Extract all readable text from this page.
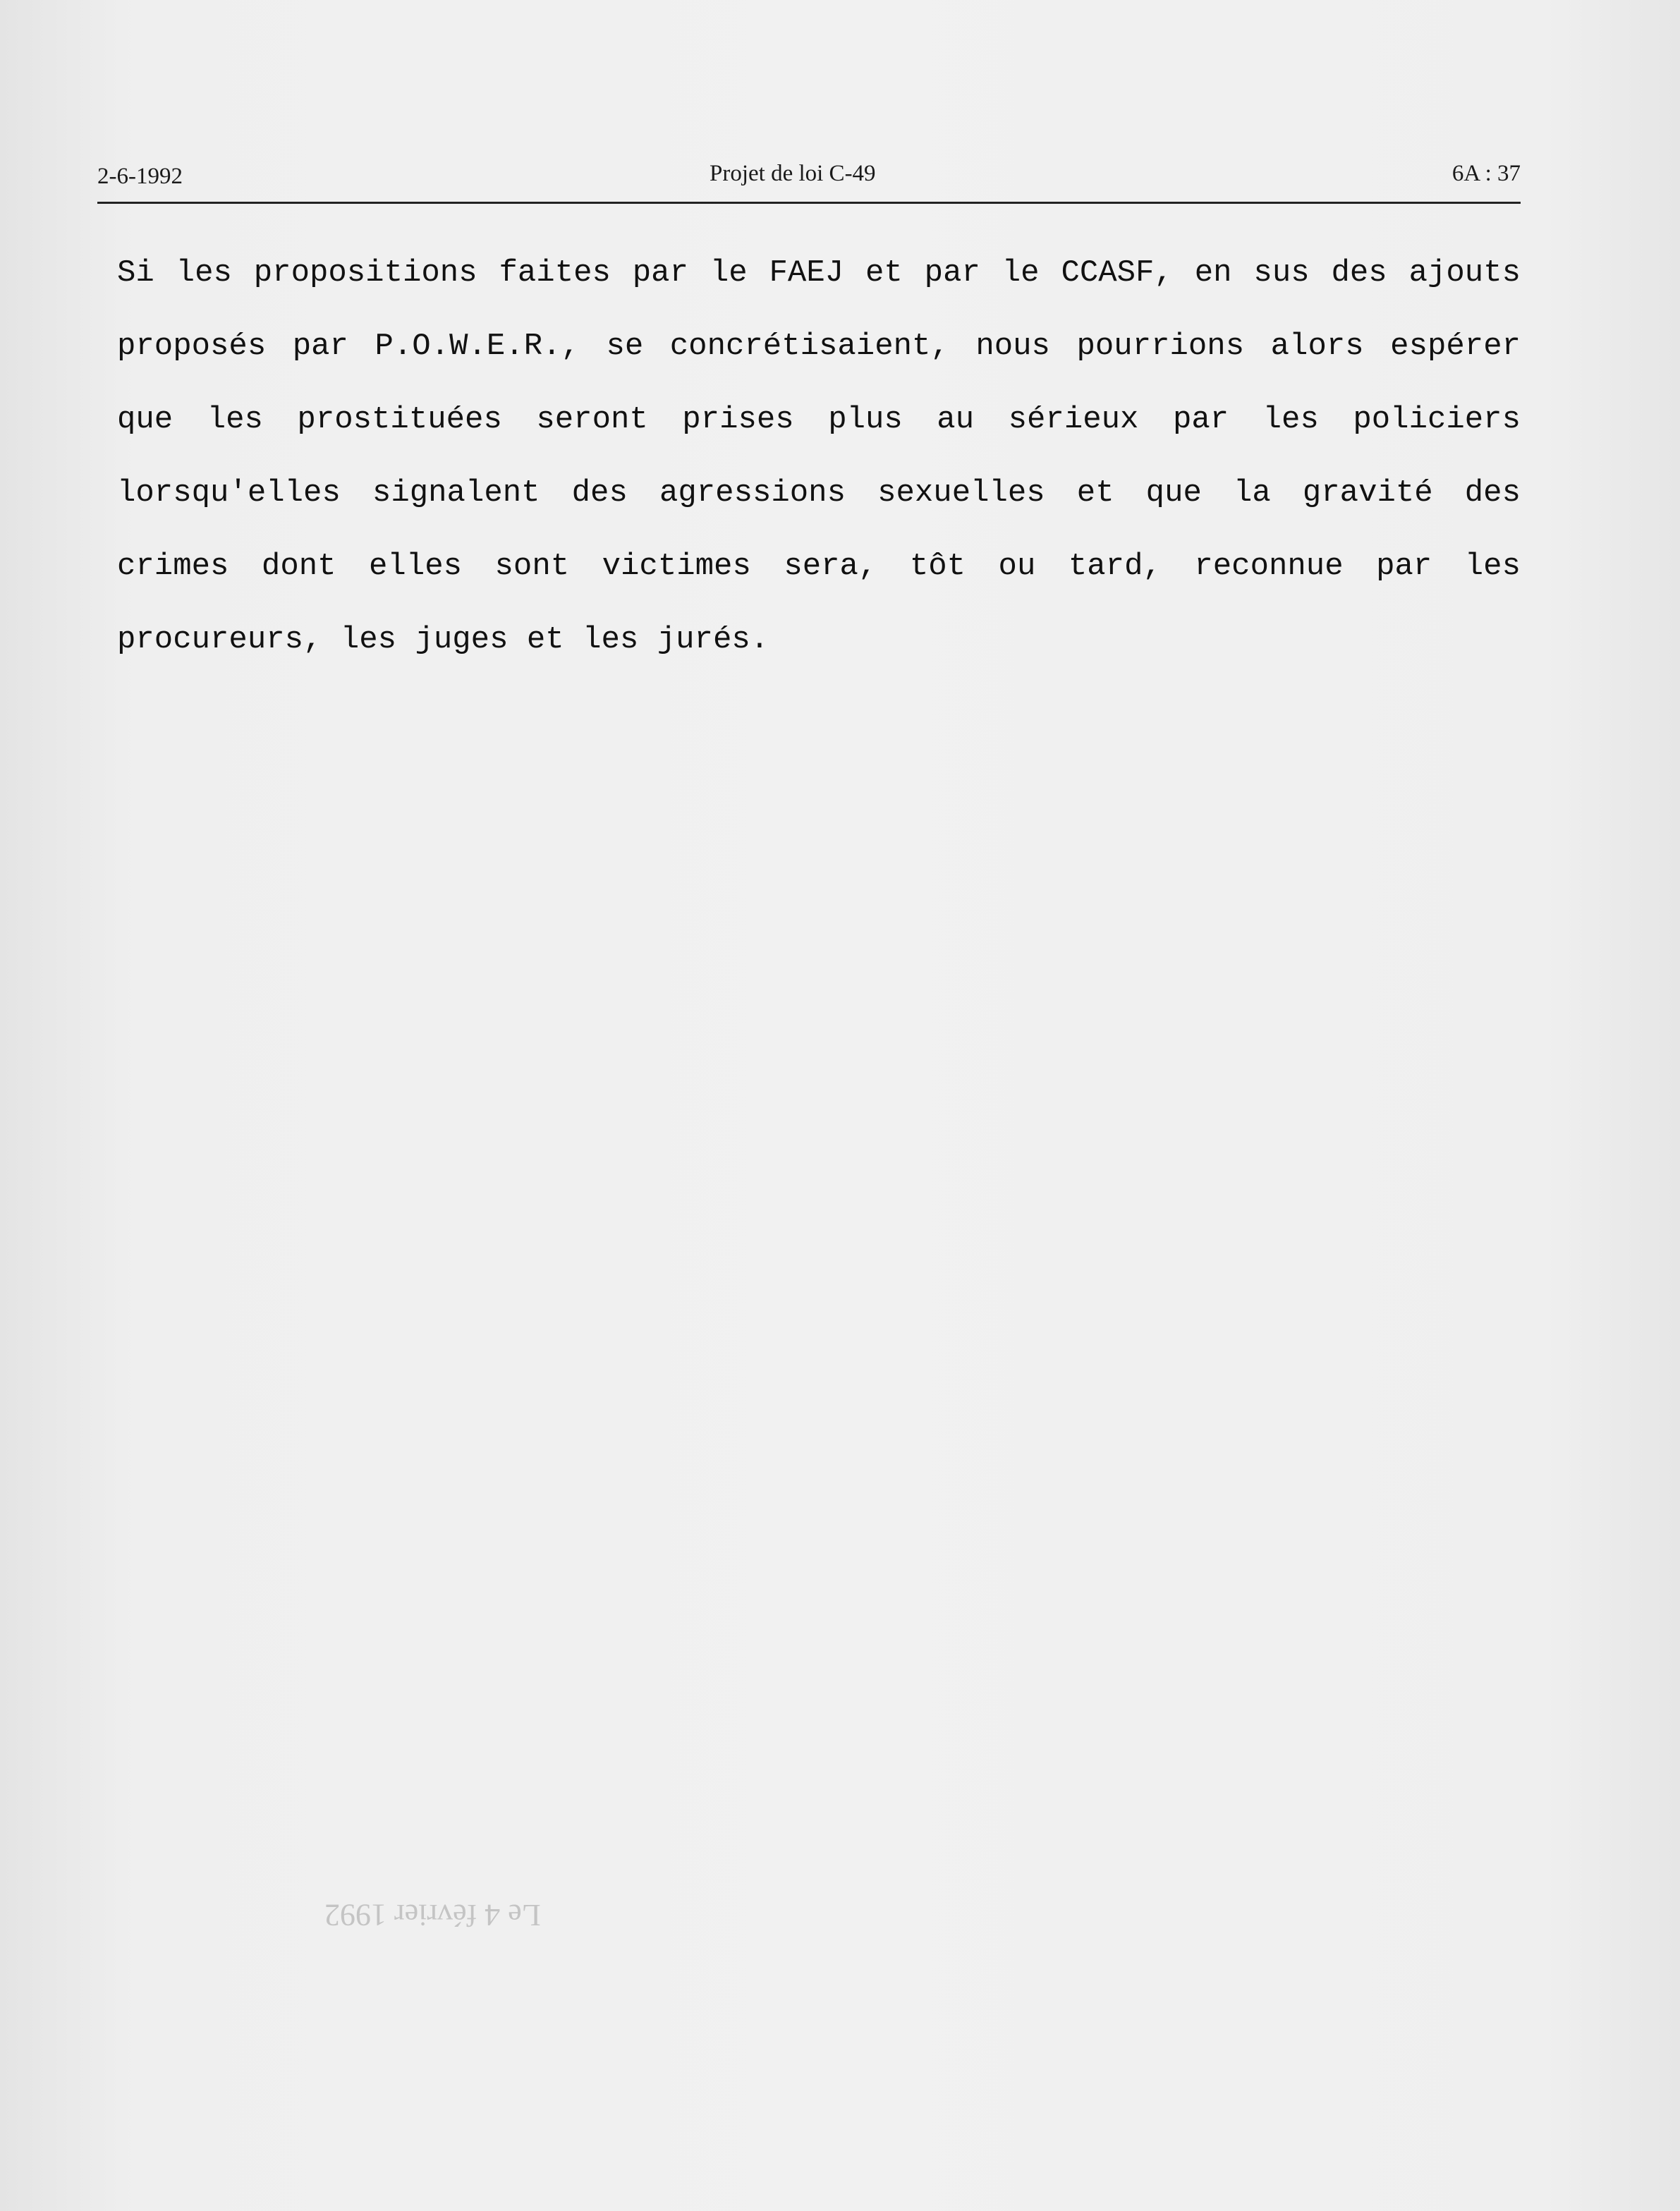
2-6-1992	Projet de loi C-49	6A : 37

Si les propositions faites par le FAEJ et par le CCASF, en sus des ajouts proposés par P.O.W.E.R., se concrétisaient, nous pourrions alors espérer que les prostituées seront prises plus au sérieux par les policiers lorsqu'elles signalent des agressions sexuelles et que la gravité des crimes dont elles sont victimes sera, tôt ou tard, reconnue par les procureurs, les juges et les jurés.

Le 4 février 1992
